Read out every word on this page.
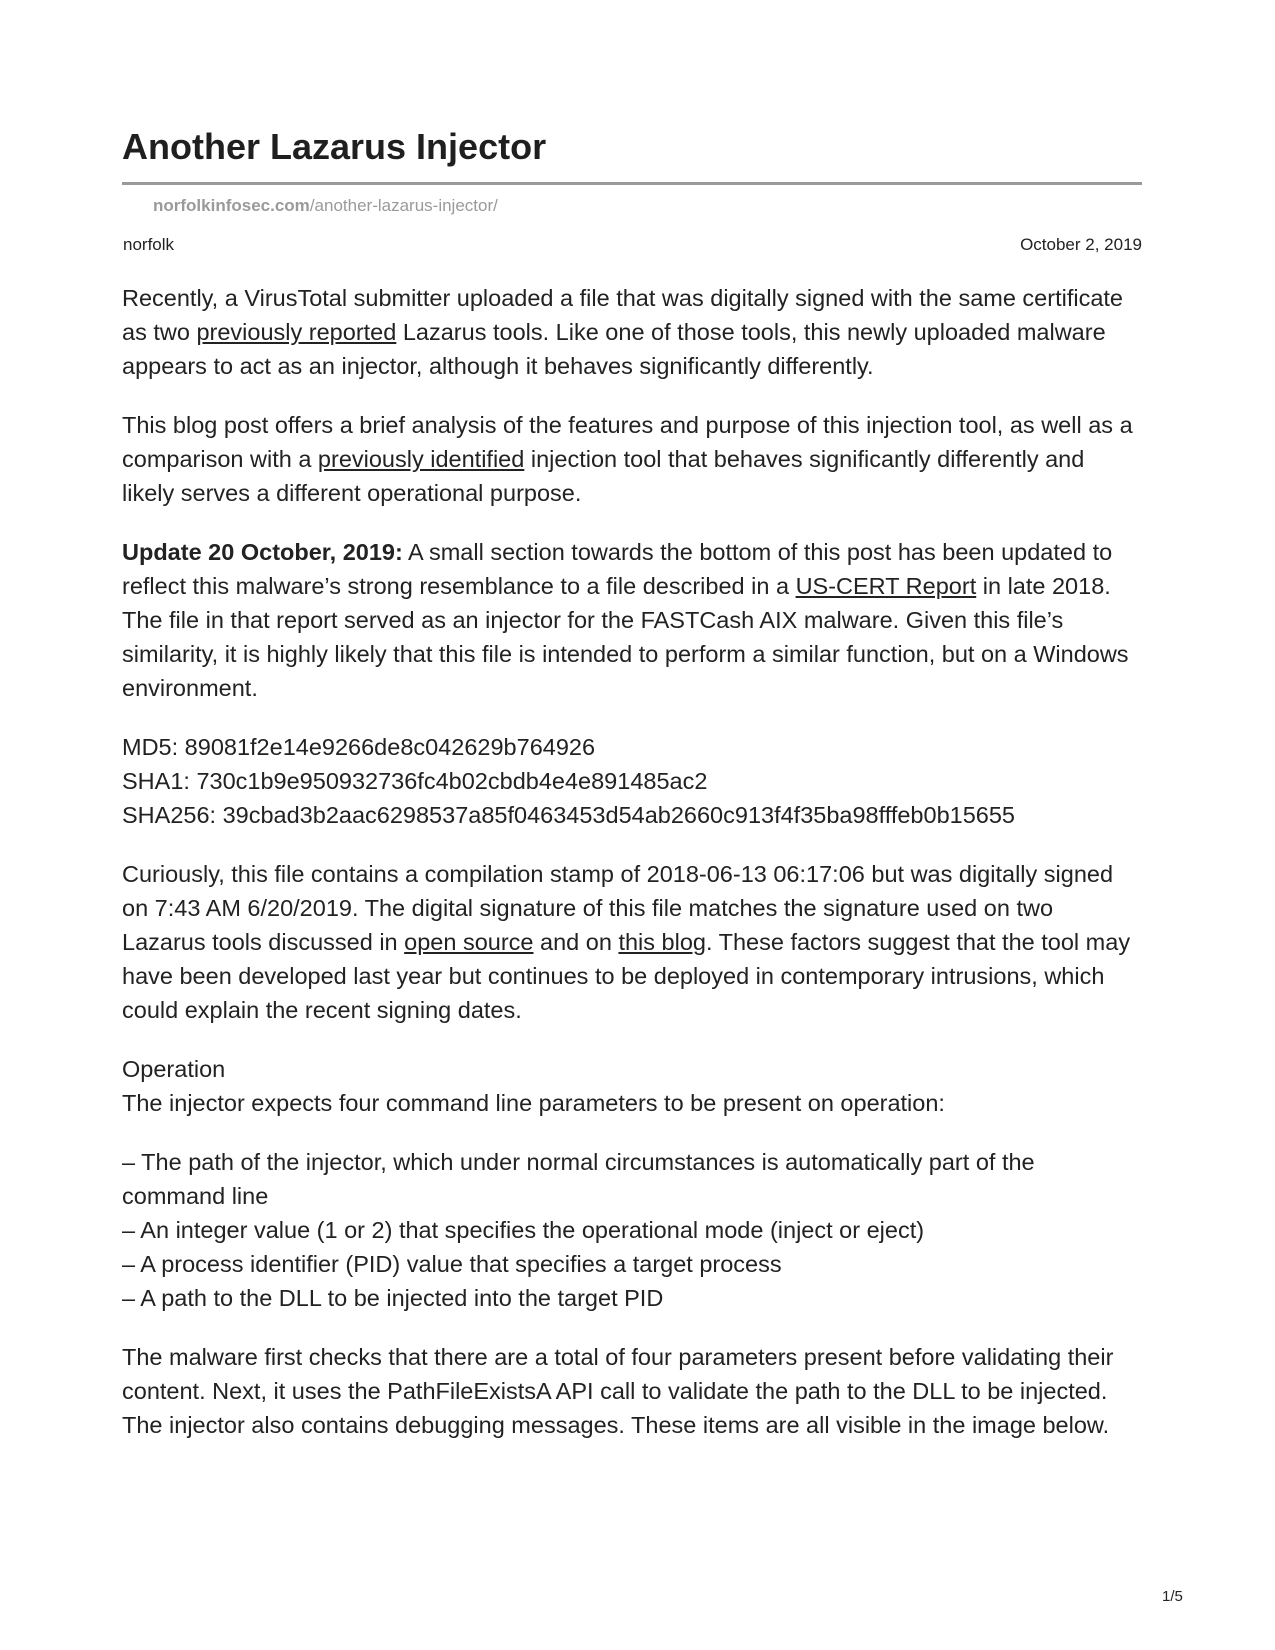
Another Lazarus Injector
norfolkinfosec.com/another-lazarus-injector/
norfolk	October 2, 2019

Recently, a VirusTotal submitter uploaded a file that was digitally signed with the same certificate as two previously reported Lazarus tools. Like one of those tools, this newly uploaded malware appears to act as an injector, although it behaves significantly differently.

This blog post offers a brief analysis of the features and purpose of this injection tool, as well as a comparison with a previously identified injection tool that behaves significantly differently and likely serves a different operational purpose.

Update 20 October, 2019: A small section towards the bottom of this post has been updated to reflect this malware’s strong resemblance to a file described in a US-CERT Report in late 2018. The file in that report served as an injector for the FASTCash AIX malware. Given this file’s similarity, it is highly likely that this file is intended to perform a similar function, but on a Windows environment.

MD5: 89081f2e14e9266de8c042629b764926
SHA1: 730c1b9e950932736fc4b02cbdb4e4e891485ac2
SHA256: 39cbad3b2aac6298537a85f0463453d54ab2660c913f4f35ba98fffeb0b15655

Curiously, this file contains a compilation stamp of 2018-06-13 06:17:06 but was digitally signed on 7:43 AM 6/20/2019. The digital signature of this file matches the signature used on two Lazarus tools discussed in open source and on this blog. These factors suggest that the tool may have been developed last year but continues to be deployed in contemporary intrusions, which could explain the recent signing dates.

Operation
The injector expects four command line parameters to be present on operation:

– The path of the injector, which under normal circumstances is automatically part of the command line
– An integer value (1 or 2) that specifies the operational mode (inject or eject)
– A process identifier (PID) value that specifies a target process
– A path to the DLL to be injected into the target PID

The malware first checks that there are a total of four parameters present before validating their content. Next, it uses the PathFileExistsA API call to validate the path to the DLL to be injected. The injector also contains debugging messages. These items are all visible in the image below.

1/5
